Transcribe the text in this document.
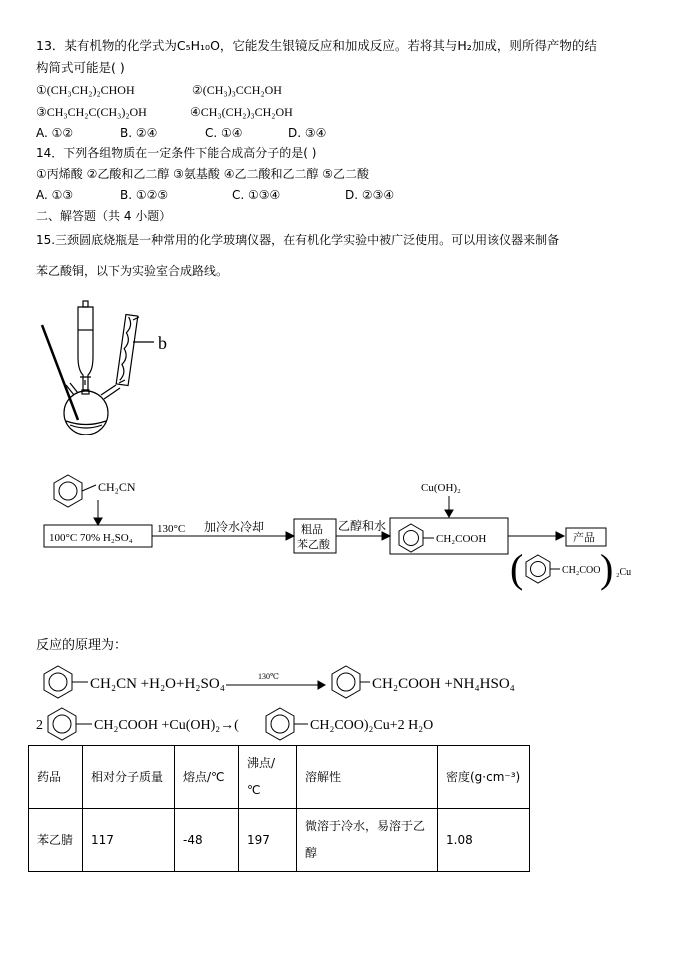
13．某有机物的化学式为C₅H₁₀O，它能发生银镜反应和加成反应。若将其与H₂加成，则所得产物的结
构简式可能是( )
①(CH₃CH₂)₂CHOH	②(CH₃)₃CCH₂OH
③CH₃CH₂C(CH₃)₂OH	④CH₃(CH₂)₃CH₂OH
A. ①②	B. ②④	C. ①④	D. ③④
14．下列各组物质在一定条件下能合成高分子的是( )
①丙烯酸 ②乙酸和乙二醇 ③氨基酸 ④乙二酸和乙二醇 ⑤乙二酸
A. ①③	B. ①②⑤	C. ①③④	D. ②③④
二、解答题（共 4 小题）
15.三颈圆底烧瓶是一种常用的化学玻璃仪器，在有机化学实验中被广泛使用。可以用该仪器来制备
苯乙酸铜，以下为实验室合成路线。
b
CH₂CN
100°C 70% H₂SO₄
130°C 加冷水冷却	粗品
苯乙酸
乙醇和水
Cu(OH)₂
CH₂COOH	产品
(	CH₂COO ) ₂Cu
反应的原理为：
CH₂CN +H₂O+H₂SO₄	130℃	CH₂COOH +NH₄HSO₄
2	CH₂COOH +Cu(OH)₂→(	CH₂COO)₂Cu+2 H₂O
药品	相对分子质量	熔点/℃	沸点/℃	溶解性	密度(g·cm⁻³)
苯乙腈	117	-48	197	微溶于冷水，易溶于乙醇	1.08
